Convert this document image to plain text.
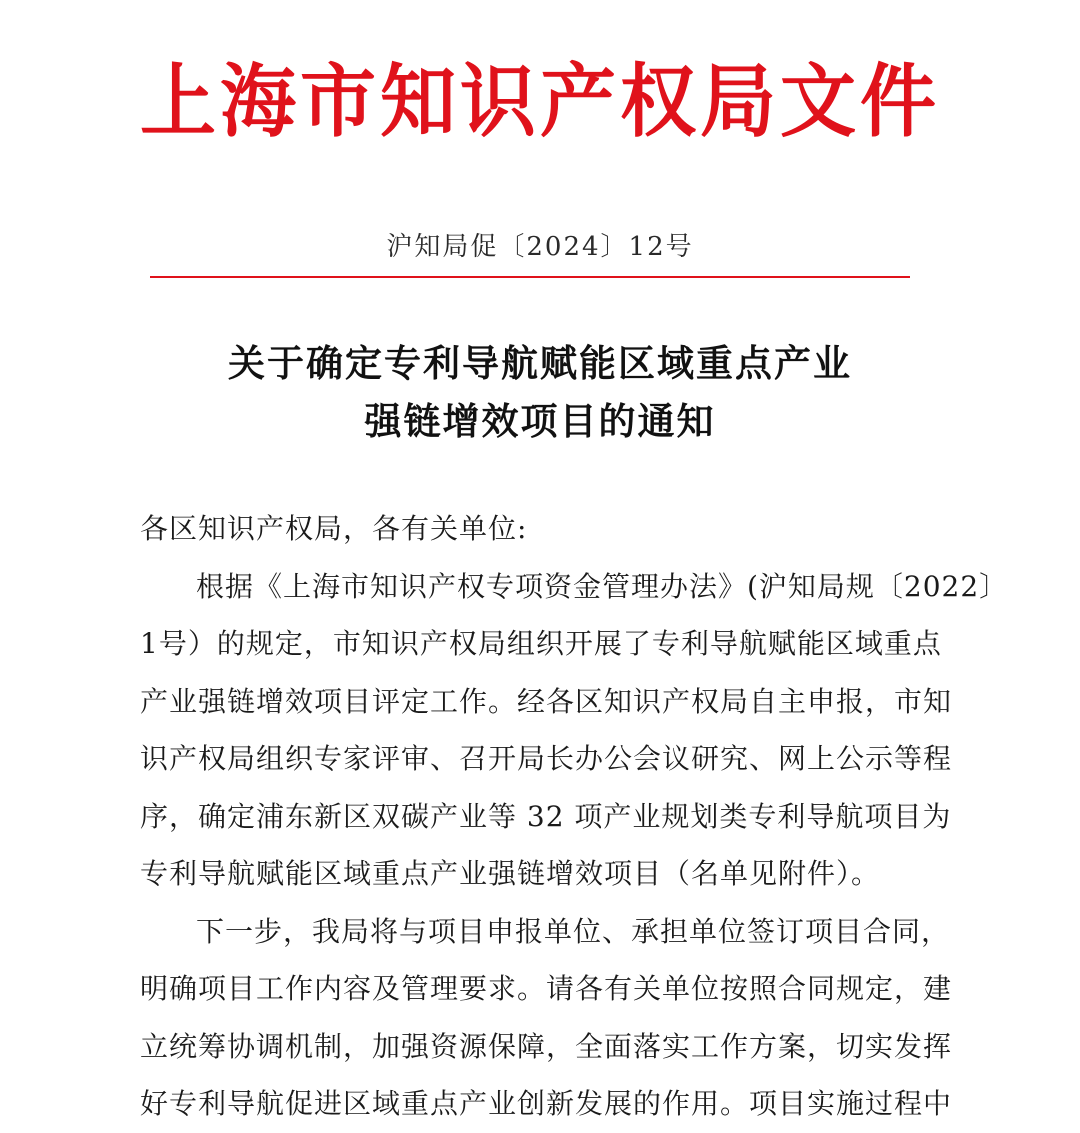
上海市知识产权局文件
沪知局促〔2024〕12号
关于确定专利导航赋能区域重点产业
强链增效项目的通知
各区知识产权局，各有关单位:
根据《上海市知识产权专项资金管理办法》(沪知局规〔2022〕
1号）的规定，市知识产权局组织开展了专利导航赋能区域重点
产业强链增效项目评定工作。经各区知识产权局自主申报，市知
识产权局组织专家评审、召开局长办公会议研究、网上公示等程
序，确定浦东新区双碳产业等 32 项产业规划类专利导航项目为
专利导航赋能区域重点产业强链增效项目（名单见附件）。
下一步，我局将与项目申报单位、承担单位签订项目合同，
明确项目工作内容及管理要求。请各有关单位按照合同规定，建
立统筹协调机制，加强资源保障，全面落实工作方案，切实发挥
好专利导航促进区域重点产业创新发展的作用。项目实施过程中
